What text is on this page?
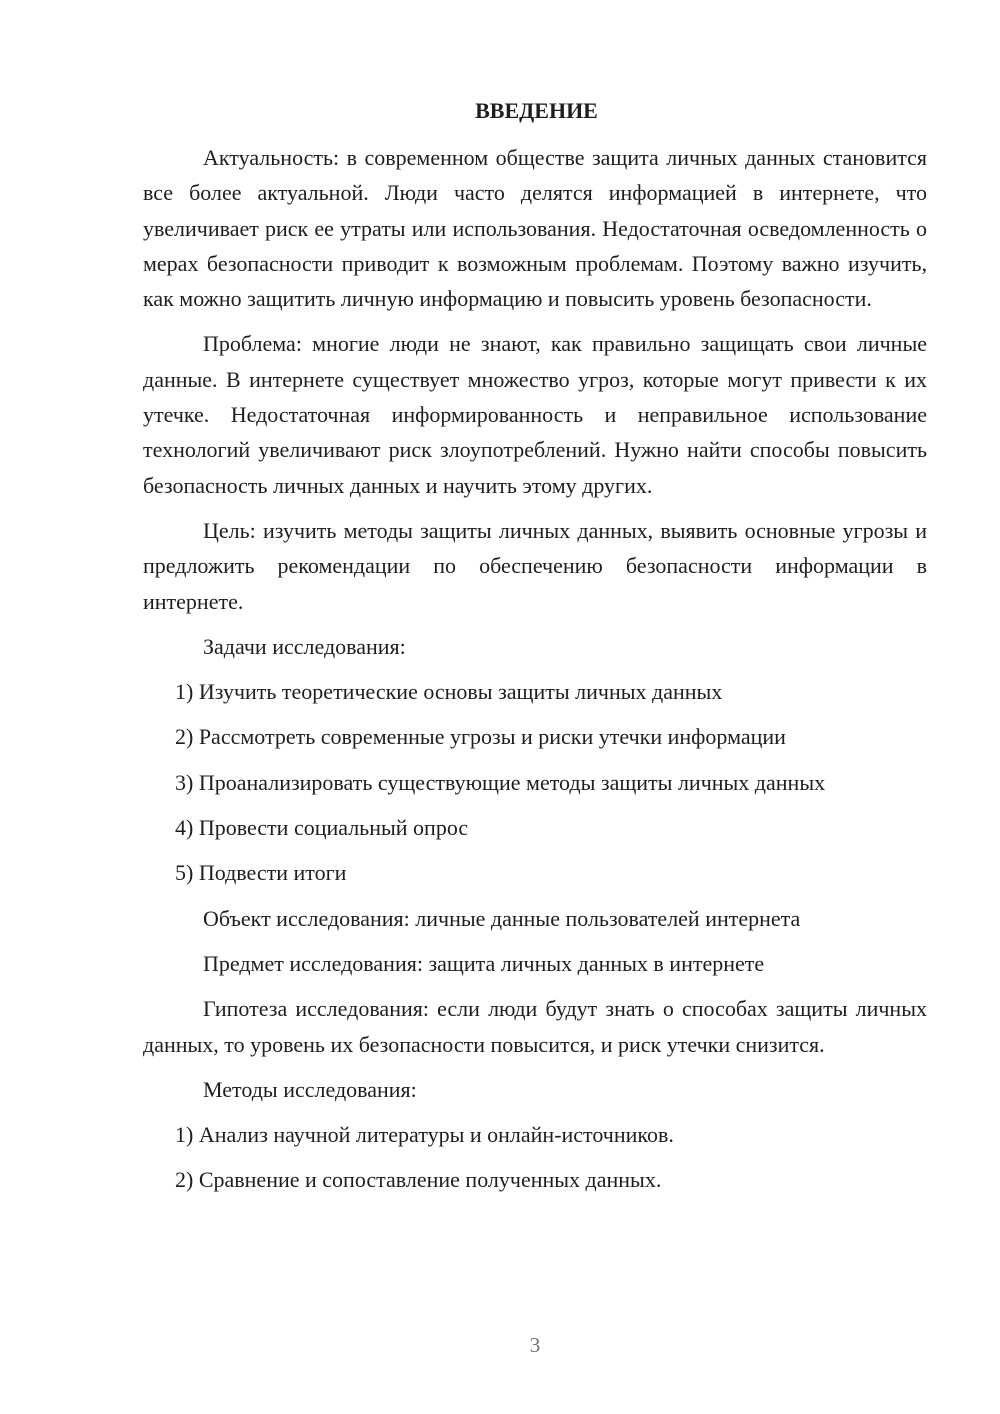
ВВЕДЕНИЕ
Актуальность: в современном обществе защита личных данных становится все более актуальной. Люди часто делятся информацией в интернете, что увеличивает риск ее утраты или использования. Недостаточная осведомленность о мерах безопасности приводит к возможным проблемам. Поэтому важно изучить, как можно защитить личную информацию и повысить уровень безопасности.
Проблема: многие люди не знают, как правильно защищать свои личные данные. В интернете существует множество угроз, которые могут привести к их утечке. Недостаточная информированность и неправильное использование технологий увеличивают риск злоупотреблений. Нужно найти способы повысить безопасность личных данных и научить этому других.
Цель: изучить методы защиты личных данных, выявить основные угрозы и предложить рекомендации по обеспечению безопасности информации в интернете.
Задачи исследования:
1) Изучить теоретические основы защиты личных данных
2) Рассмотреть современные угрозы и риски утечки информации
3) Проанализировать существующие методы защиты личных данных
4) Провести социальный опрос
5) Подвести итоги
Объект исследования: личные данные пользователей интернета
Предмет исследования: защита личных данных в интернете
Гипотеза исследования: если люди будут знать о способах защиты личных данных, то уровень их безопасности повысится, и риск утечки снизится.
Методы исследования:
1) Анализ научной литературы и онлайн-источников.
2) Сравнение и сопоставление полученных данных.
3
